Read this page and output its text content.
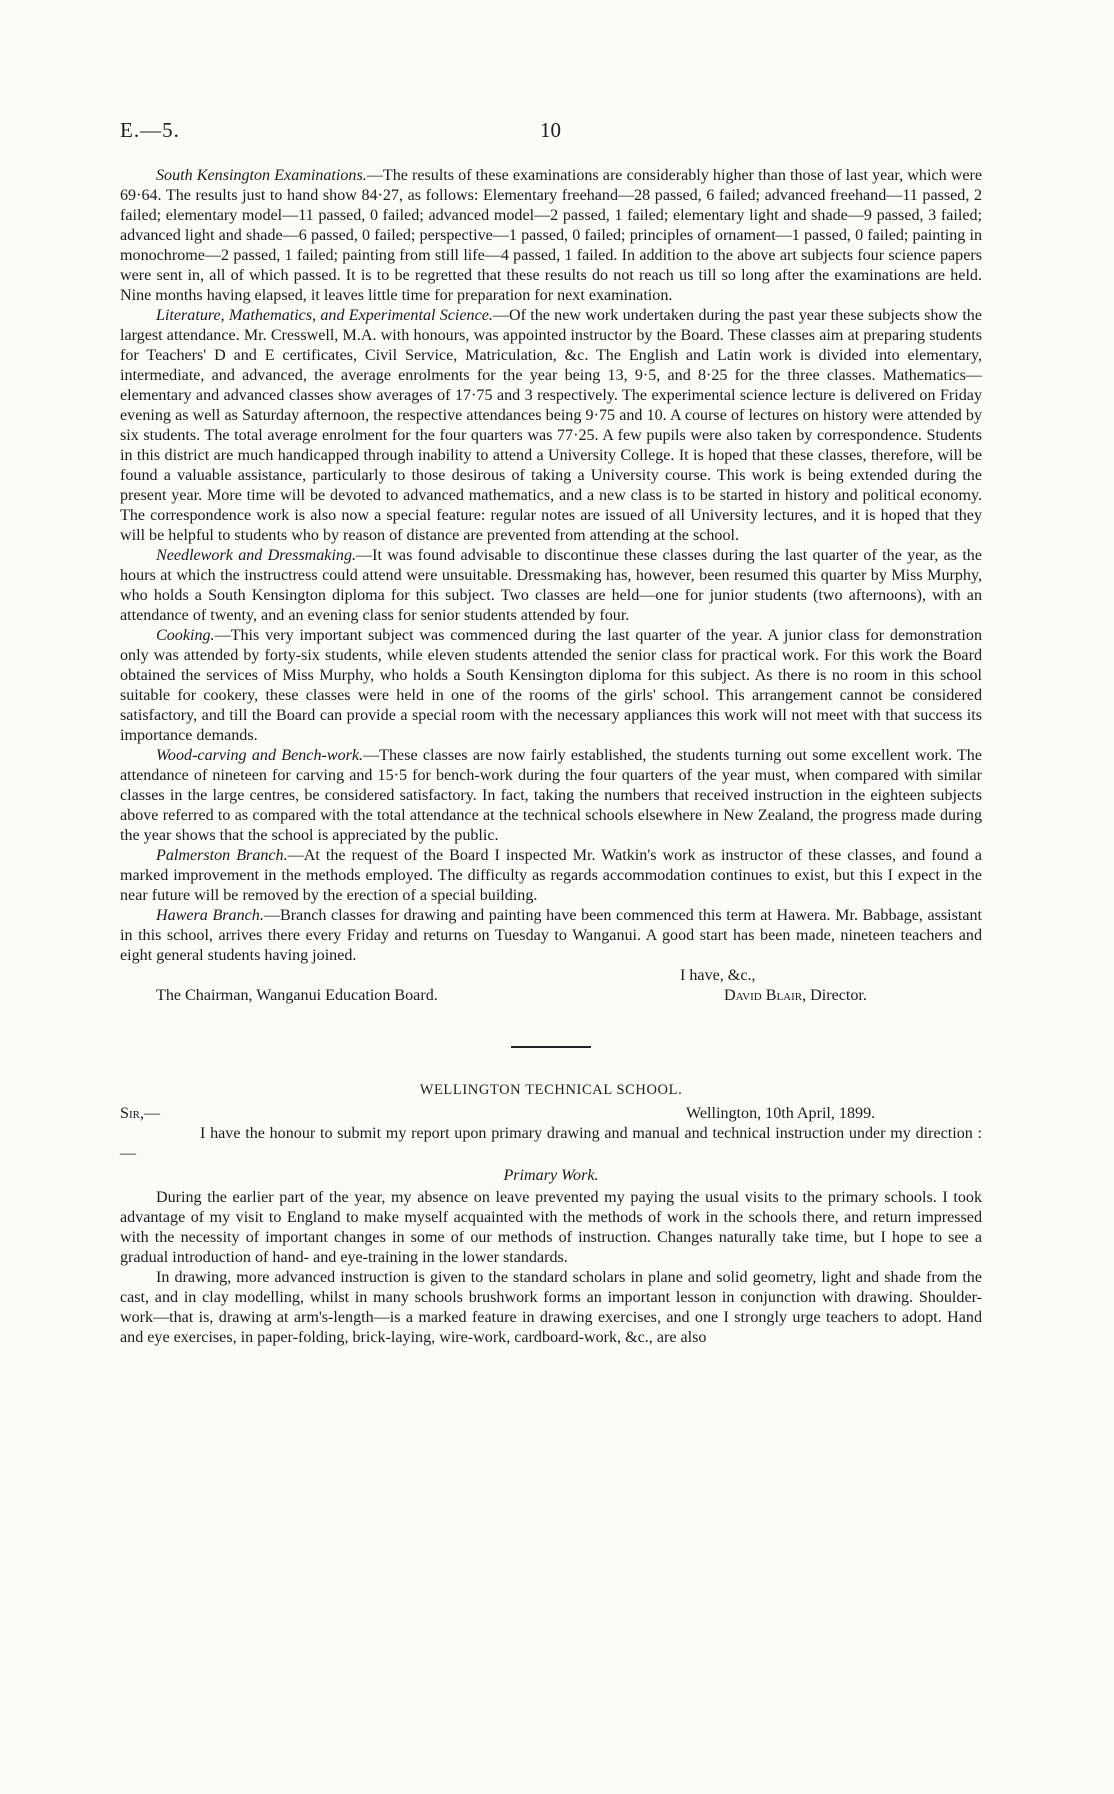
E.—5.	10

South Kensington Examinations.—The results of these examinations are considerably higher than those of last year, which were 69·64. The results just to hand show 84·27, as follows: Elementary freehand—28 passed, 6 failed; advanced freehand—11 passed, 2 failed; elementary model—11 passed, 0 failed; advanced model—2 passed, 1 failed; elementary light and shade—9 passed, 3 failed; advanced light and shade—6 passed, 0 failed; perspective—1 passed, 0 failed; principles of ornament—1 passed, 0 failed; painting in monochrome—2 passed, 1 failed; painting from still life—4 passed, 1 failed. In addition to the above art subjects four science papers were sent in, all of which passed. It is to be regretted that these results do not reach us till so long after the examinations are held. Nine months having elapsed, it leaves little time for preparation for next examination.

Literature, Mathematics, and Experimental Science.—Of the new work undertaken during the past year these subjects show the largest attendance. Mr. Cresswell, M.A. with honours, was appointed instructor by the Board. These classes aim at preparing students for Teachers' D and E certificates, Civil Service, Matriculation, &c. The English and Latin work is divided into elementary, intermediate, and advanced, the average enrolments for the year being 13, 9·5, and 8·25 for the three classes. Mathematics—elementary and advanced classes show averages of 17·75 and 3 respectively. The experimental science lecture is delivered on Friday evening as well as Saturday afternoon, the respective attendances being 9·75 and 10. A course of lectures on history were attended by six students. The total average enrolment for the four quarters was 77·25. A few pupils were also taken by correspondence. Students in this district are much handicapped through inability to attend a University College. It is hoped that these classes, therefore, will be found a valuable assistance, particularly to those desirous of taking a University course. This work is being extended during the present year. More time will be devoted to advanced mathematics, and a new class is to be started in history and political economy. The correspondence work is also now a special feature: regular notes are issued of all University lectures, and it is hoped that they will be helpful to students who by reason of distance are prevented from attending at the school.

Needlework and Dressmaking.—It was found advisable to discontinue these classes during the last quarter of the year, as the hours at which the instructress could attend were unsuitable. Dressmaking has, however, been resumed this quarter by Miss Murphy, who holds a South Kensington diploma for this subject. Two classes are held—one for junior students (two afternoons), with an attendance of twenty, and an evening class for senior students attended by four.

Cooking.—This very important subject was commenced during the last quarter of the year. A junior class for demonstration only was attended by forty-six students, while eleven students attended the senior class for practical work. For this work the Board obtained the services of Miss Murphy, who holds a South Kensington diploma for this subject. As there is no room in this school suitable for cookery, these classes were held in one of the rooms of the girls' school. This arrangement cannot be considered satisfactory, and till the Board can provide a special room with the necessary appliances this work will not meet with that success its importance demands.

Wood-carving and Bench-work.—These classes are now fairly established, the students turning out some excellent work. The attendance of nineteen for carving and 15·5 for bench-work during the four quarters of the year must, when compared with similar classes in the large centres, be considered satisfactory. In fact, taking the numbers that received instruction in the eighteen subjects above referred to as compared with the total attendance at the technical schools elsewhere in New Zealand, the progress made during the year shows that the school is appreciated by the public.

Palmerston Branch.—At the request of the Board I inspected Mr. Watkin's work as instructor of these classes, and found a marked improvement in the methods employed. The difficulty as regards accommodation continues to exist, but this I expect in the near future will be removed by the erection of a special building.

Hawera Branch.—Branch classes for drawing and painting have been commenced this term at Hawera. Mr. Babbage, assistant in this school, arrives there every Friday and returns on Tuesday to Wanganui. A good start has been made, nineteen teachers and eight general students having joined.

I have, &c.,
The Chairman, Wanganui Education Board.	David Blair, Director.
WELLINGTON TECHNICAL SCHOOL.
Sir,—	Wellington, 10th April, 1899.

I have the honour to submit my report upon primary drawing and manual and technical instruction under my direction :—

Primary Work.

During the earlier part of the year, my absence on leave prevented my paying the usual visits to the primary schools. I took advantage of my visit to England to make myself acquainted with the methods of work in the schools there, and return impressed with the necessity of important changes in some of our methods of instruction. Changes naturally take time, but I hope to see a gradual introduction of hand- and eye-training in the lower standards.

In drawing, more advanced instruction is given to the standard scholars in plane and solid geometry, light and shade from the cast, and in clay modelling, whilst in many schools brushwork forms an important lesson in conjunction with drawing. Shoulder-work—that is, drawing at arm's-length—is a marked feature in drawing exercises, and one I strongly urge teachers to adopt. Hand and eye exercises, in paper-folding, brick-laying, wire-work, cardboard-work, &c., are also
